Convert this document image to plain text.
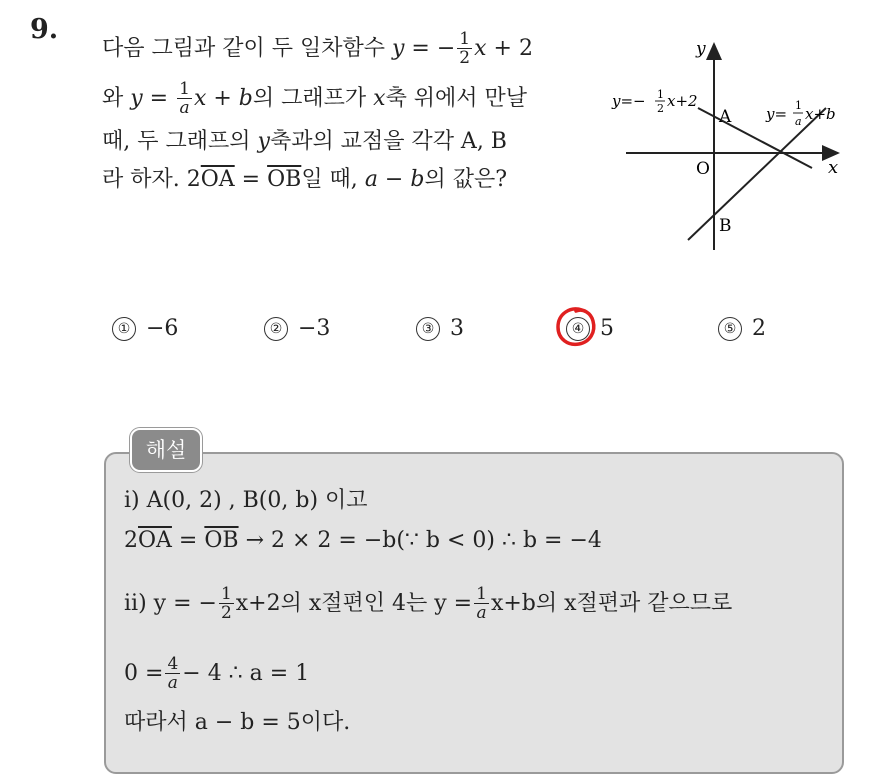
9.
다음 그림과 같이 두 일차함수 y = − $\frac{1}{2}$ x + 2
와 $y = \frac{1}{a}$ x + b의 그래프가 x축 위에서 만날
때, 두 그래프의 y축과의 교점을 각각 A, B
라 하자. $2\overline{OA} = \overline{OB}$일 때, a − b의 값은?
y
x
O
A
B
y=− 1
2 x+2
y= 1
a x+b
① −6	② −3	③ 3	④ 5	⑤ 2
해설
ⅰ) A(0, 2) , B(0, b) 이고
$2\overline{OA} = \overline{OB} \to 2 \times 2$ = −b(∵ b < 0) ∴ b = −4
ⅱ) y = − $\frac{1}{2} x+2$의 x절편인 4는 $y = \frac{1}{a} x+b$의 x절편과 같으므로
$0 = \frac{4}{a} - 4$ ∴ a = 1
따라서 a − b = 5이다.
